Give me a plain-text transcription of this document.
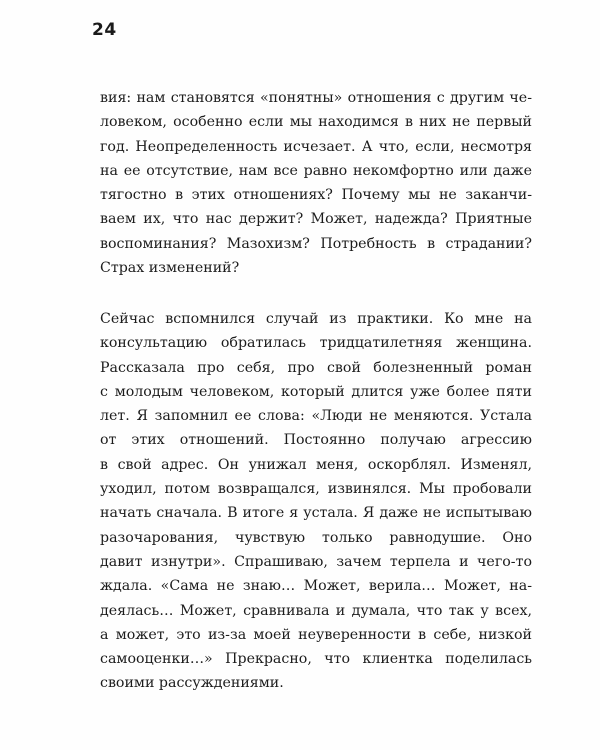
24
вия: нам становятся «понятны» отношения с другим че-
ловеком, особенно если мы находимся в них не первый
год. Неопределенность исчезает. А что, если, несмотря
на ее отсутствие, нам все равно некомфортно или даже
тягостно в этих отношениях? Почему мы не заканчи-
ваем их, что нас держит? Может, надежда? Приятные
воспоминания? Мазохизм? Потребность в страдании?
Страх изменений?
Сейчас вспомнился случай из практики. Ко мне на
консультацию обратилась тридцатилетняя женщина.
Рассказала про себя, про свой болезненный роман
с молодым человеком, который длится уже более пяти
лет. Я запомнил ее слова: «Люди не меняются. Устала
от этих отношений. Постоянно получаю агрессию
в свой адрес. Он унижал меня, оскорблял. Изменял,
уходил, потом возвращался, извинялся. Мы пробовали
начать сначала. В итоге я устала. Я даже не испытываю
разочарования, чувствую только равнодушие. Оно
давит изнутри». Спрашиваю, зачем терпела и чего-то
ждала. «Сама не знаю… Может, верила… Может, на-
деялась… Может, сравнивала и думала, что так у всех,
а может, это из-за моей неуверенности в себе, низкой
самооценки…» Прекрасно, что клиентка поделилась
своими рассуждениями.
